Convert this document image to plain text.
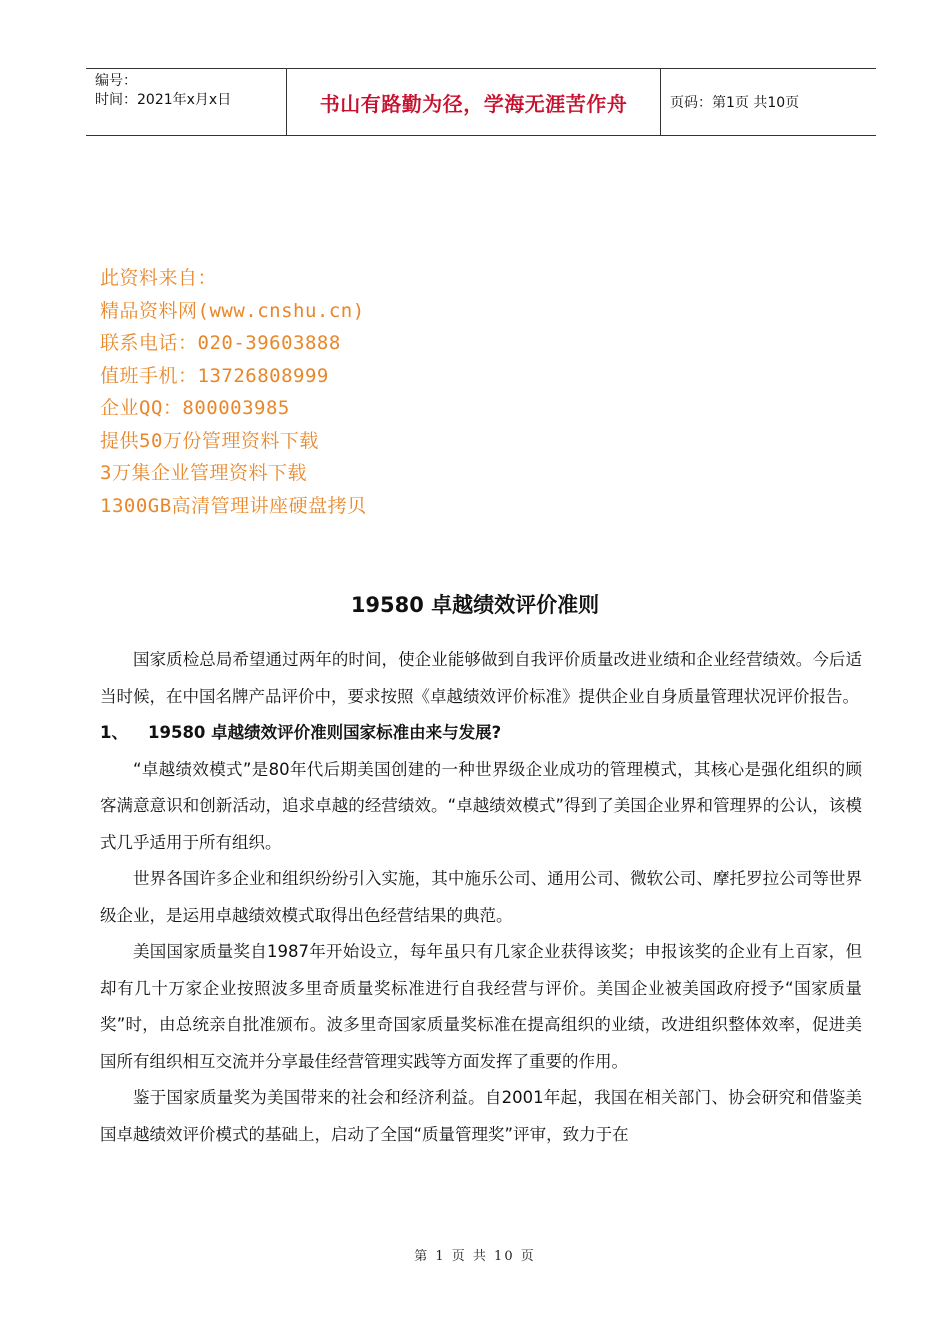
编号：
时间：2021年x月x日	书山有路勤为径，学海无涯苦作舟	页码：第1页 共10页
此资料来自：
精品资料网(www.cnshu.cn)
联系电话：020-39603888
值班手机：13726808999
企业QQ：800003985
提供50万份管理资料下载
3万集企业管理资料下载
1300GB高清管理讲座硬盘拷贝
19580 卓越绩效评价准则

国家质检总局希望通过两年的时间，使企业能够做到自我评价质量改进业绩和企业经营绩效。今后适当时候，在中国名牌产品评价中，要求按照《卓越绩效评价标准》提供企业自身质量管理状况评价报告。

1、 19580 卓越绩效评价准则国家标准由来与发展?

“卓越绩效模式”是80年代后期美国创建的一种世界级企业成功的管理模式，其核心是强化组织的顾客满意意识和创新活动，追求卓越的经营绩效。“卓越绩效模式”得到了美国企业界和管理界的公认，该模式几乎适用于所有组织。

世界各国许多企业和组织纷纷引入实施，其中施乐公司、通用公司、微软公司、摩托罗拉公司等世界级企业，是运用卓越绩效模式取得出色经营结果的典范。

美国国家质量奖自1987年开始设立，每年虽只有几家企业获得该奖；申报该奖的企业有上百家，但却有几十万家企业按照波多里奇质量奖标准进行自我经营与评价。美国企业被美国政府授予“国家质量奖”时，由总统亲自批准颁布。波多里奇国家质量奖标准在提高组织的业绩，改进组织整体效率，促进美国所有组织相互交流并分享最佳经营管理实践等方面发挥了重要的作用。

鉴于国家质量奖为美国带来的社会和经济利益。自2001年起，我国在相关部门、协会研究和借鉴美国卓越绩效评价模式的基础上，启动了全国“质量管理奖”评审，致力于在

第 1 页 共 10 页
